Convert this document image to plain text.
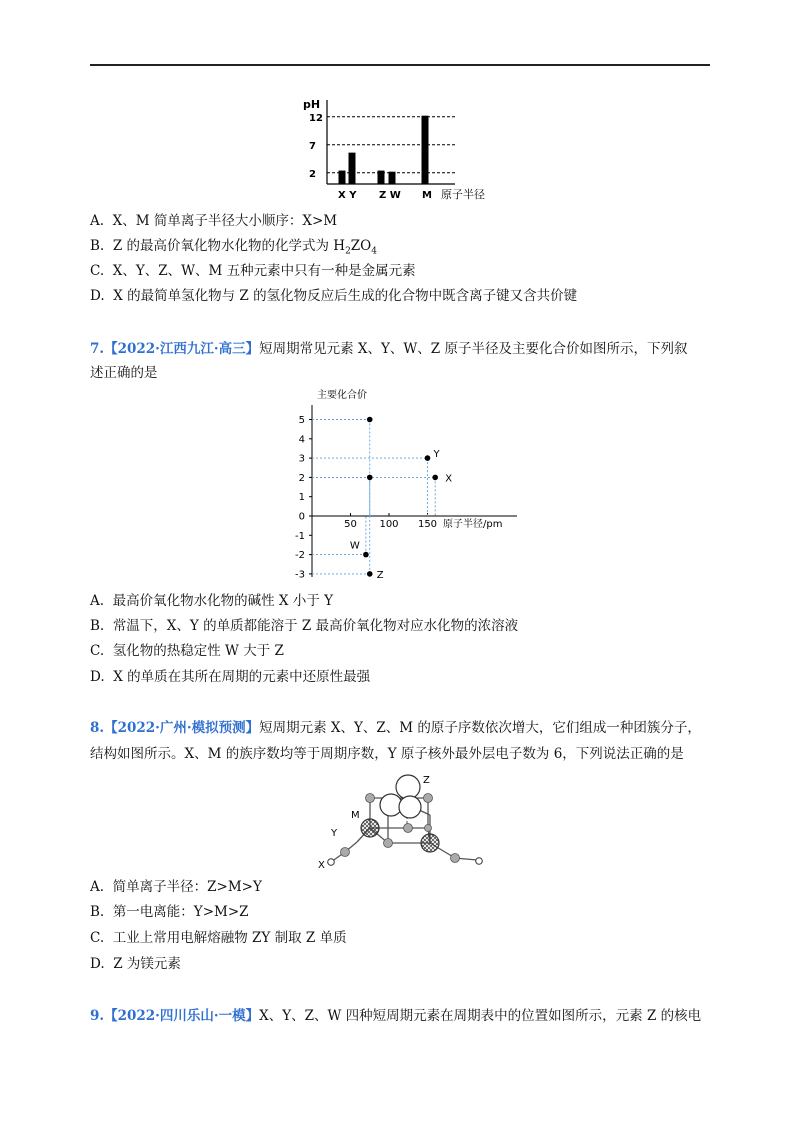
pH
12
7
2
X Y Z W M 原子半径
A. X、M 简单离子半径大小顺序：X>M
B. Z 的最高价氧化物水化物的化学式为 $H_2ZO_4$
C. X、Y、Z、W、M 五种元素中只有一种是金属元素
D. X 的最简单氢化物与 Z 的氢化物反应后生成的化合物中既含离子键又含共价键
7.【2022·江西九江·高三】短周期常见元素 X、Y、W、Z 原子半径及主要化合价如图所示，下列叙
述正确的是
主要化合价
5
4
3
2
1
0
-1
-2
-3
50 100 150 原子半径/pm
Y
X
W
Z
A. 最高价氧化物水化物的碱性 X 小于 Y
B. 常温下，X、Y 的单质都能溶于 Z 最高价氧化物对应水化物的浓溶液
C. 氢化物的热稳定性 W 大于 Z
D. X 的单质在其所在周期的元素中还原性最强
8.【2022·广州·模拟预测】短周期元素 X、Y、Z、M 的原子序数依次增大，它们组成一种团簇分子，
结构如图所示。X、M 的族序数均等于周期序数，Y 原子核外最外层电子数为 6，下列说法正确的是
Z
M
Y
X
A. 简单离子半径：Z>M>Y
B. 第一电离能：Y>M>Z
C. 工业上常用电解熔融物 ZY 制取 Z 单质
D. Z 为镁元素
9.【2022·四川乐山·一模】X、Y、Z、W 四种短周期元素在周期表中的位置如图所示，元素 Z 的核电
